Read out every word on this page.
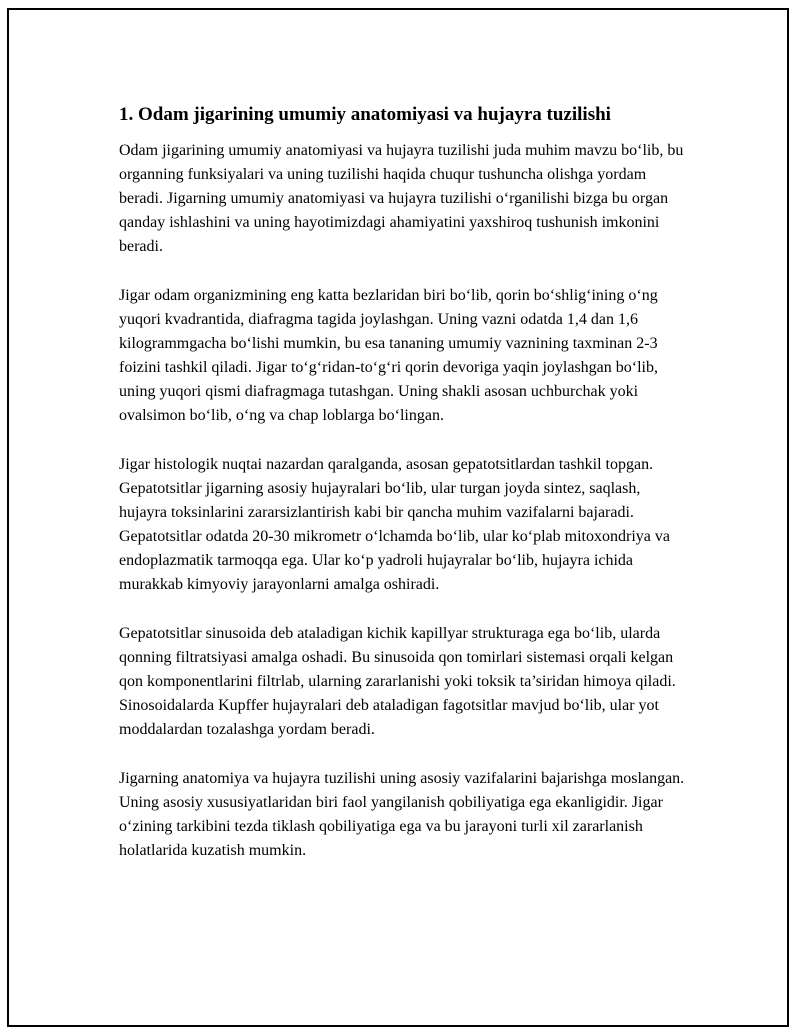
1. Odam jigarining umumiy anatomiyasi va hujayra tuzilishi

Odam jigarining umumiy anatomiyasi va hujayra tuzilishi juda muhim mavzu bo‘lib, bu organning funksiyalari va uning tuzilishi haqida chuqur tushuncha olishga yordam beradi. Jigarning umumiy anatomiyasi va hujayra tuzilishi o‘rganilishi bizga bu organ qanday ishlashini va uning hayotimizdagi ahamiyatini yaxshiroq tushunish imkonini beradi.

Jigar odam organizmining eng katta bezlaridan biri bo‘lib, qorin bo‘shlig‘ining o‘ng yuqori kvadrantida, diafragma tagida joylashgan. Uning vazni odatda 1,4 dan 1,6 kilogrammgacha bo‘lishi mumkin, bu esa tananing umumiy vaznining taxminan 2-3 foizini tashkil qiladi. Jigar to‘g‘ridan-to‘g‘ri qorin devoriga yaqin joylashgan bo‘lib, uning yuqori qismi diafragmaga tutashgan. Uning shakli asosan uchburchak yoki ovalsimon bo‘lib, o‘ng va chap loblarga bo‘lingan.

Jigar histologik nuqtai nazardan qaralganda, asosan gepatotsitlardan tashkil topgan. Gepatotsitlar jigarning asosiy hujayralari bo‘lib, ular turgan joyda sintez, saqlash, hujayra toksinlarini zararsizlantirish kabi bir qancha muhim vazifalarni bajaradi. Gepatotsitlar odatda 20-30 mikrometr o‘lchamda bo‘lib, ular ko‘plab mitoxondriya va endoplazmatik tarmoqqa ega. Ular ko‘p yadroli hujayralar bo‘lib, hujayra ichida murakkab kimyoviy jarayonlarni amalga oshiradi.

Gepatotsitlar sinusoida deb ataladigan kichik kapillyar strukturaga ega bo‘lib, ularda qonning filtratsiyasi amalga oshadi. Bu sinusoida qon tomirlari sistemasi orqali kelgan qon komponentlarini filtrlab, ularning zararlanishi yoki toksik ta’siridan himoya qiladi. Sinosoidalarda Kupffer hujayralari deb ataladigan fagotsitlar mavjud bo‘lib, ular yot moddalardan tozalashga yordam beradi.

Jigarning anatomiya va hujayra tuzilishi uning asosiy vazifalarini bajarishga moslangan. Uning asosiy xususiyatlaridan biri faol yangilanish qobiliyatiga ega ekanligidir. Jigar o‘zining tarkibini tezda tiklash qobiliyatiga ega va bu jarayoni turli xil zararlanish holatlarida kuzatish mumkin.
